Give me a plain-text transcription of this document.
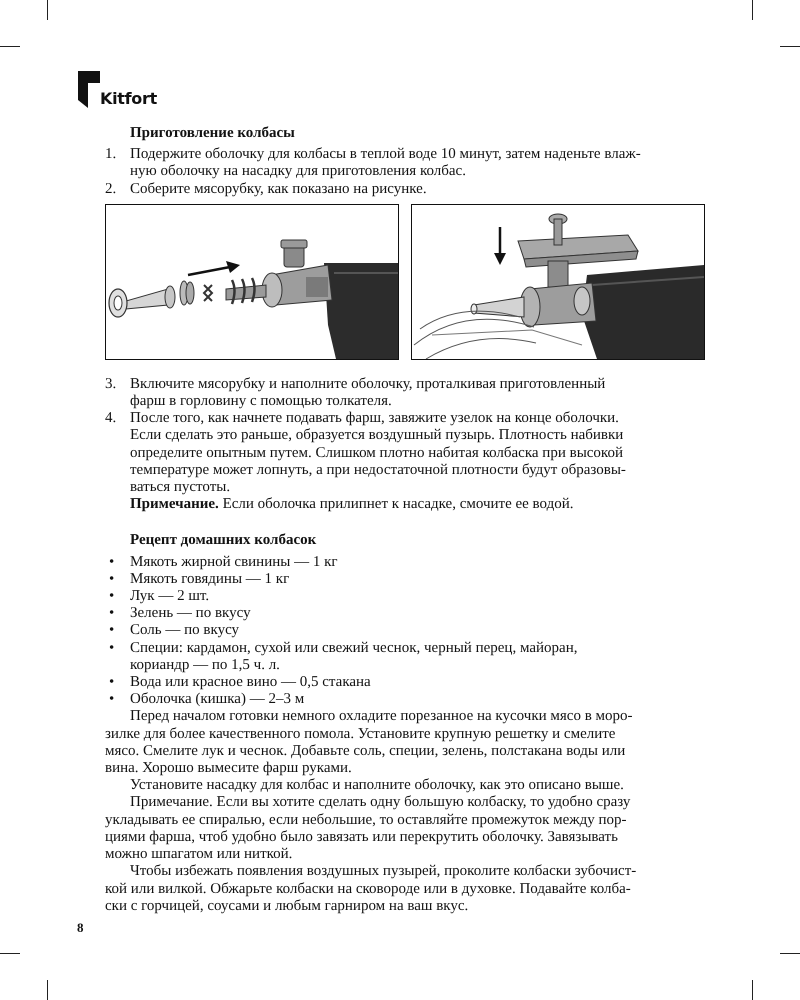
Kitfort
Приготовление колбасы
1. Подержите оболочку для колбасы в теплой воде 10 минут, затем наденьте влаж-
ную оболочку на насадку для приготовления колбас.
2. Соберите мясорубку, как показано на рисунке.
3. Включите мясорубку и наполните оболочку, проталкивая приготовленный
фарш в горловину с помощью толкателя.
4. После того, как начнете подавать фарш, завяжите узелок на конце оболочки.
Если сделать это раньше, образуется воздушный пузырь. Плотность набивки
определите опытным путем. Слишком плотно набитая колбаска при высокой
температуре может лопнуть, а при недостаточной плотности будут образовы-
ваться пустоты.
Примечание. Если оболочка прилипнет к насадке, смочите ее водой.
Рецепт домашних колбасок
• Мякоть жирной свинины — 1 кг
• Мякоть говядины — 1 кг
• Лук — 2 шт.
• Зелень — по вкусу
• Соль — по вкусу
• Специи: кардамон, сухой или свежий чеснок, черный перец, майоран,
кориандр — по 1,5 ч. л.
• Вода или красное вино — 0,5 стакана
• Оболочка (кишка) — 2–3 м
Перед началом готовки немного охладите порезанное на кусочки мясо в моро-
зилке для более качественного помола. Установите крупную решетку и смелите
мясо. Смелите лук и чеснок. Добавьте соль, специи, зелень, полстакана воды или
вина. Хорошо вымесите фарш руками.
Установите насадку для колбас и наполните оболочку, как это описано выше.
Примечание. Если вы хотите сделать одну большую колбаску, то удобно сразу
укладывать ее спиралью, если небольшие, то оставляйте промежуток между пор-
циями фарша, чтоб удобно было завязать или перекрутить оболочку. Завязывать
можно шпагатом или ниткой.
Чтобы избежать появления воздушных пузырей, проколите колбаски зубочист-
кой или вилкой. Обжарьте колбаски на сковороде или в духовке. Подавайте колба-
ски с горчицей, соусами и любым гарниром на ваш вкус.
8
